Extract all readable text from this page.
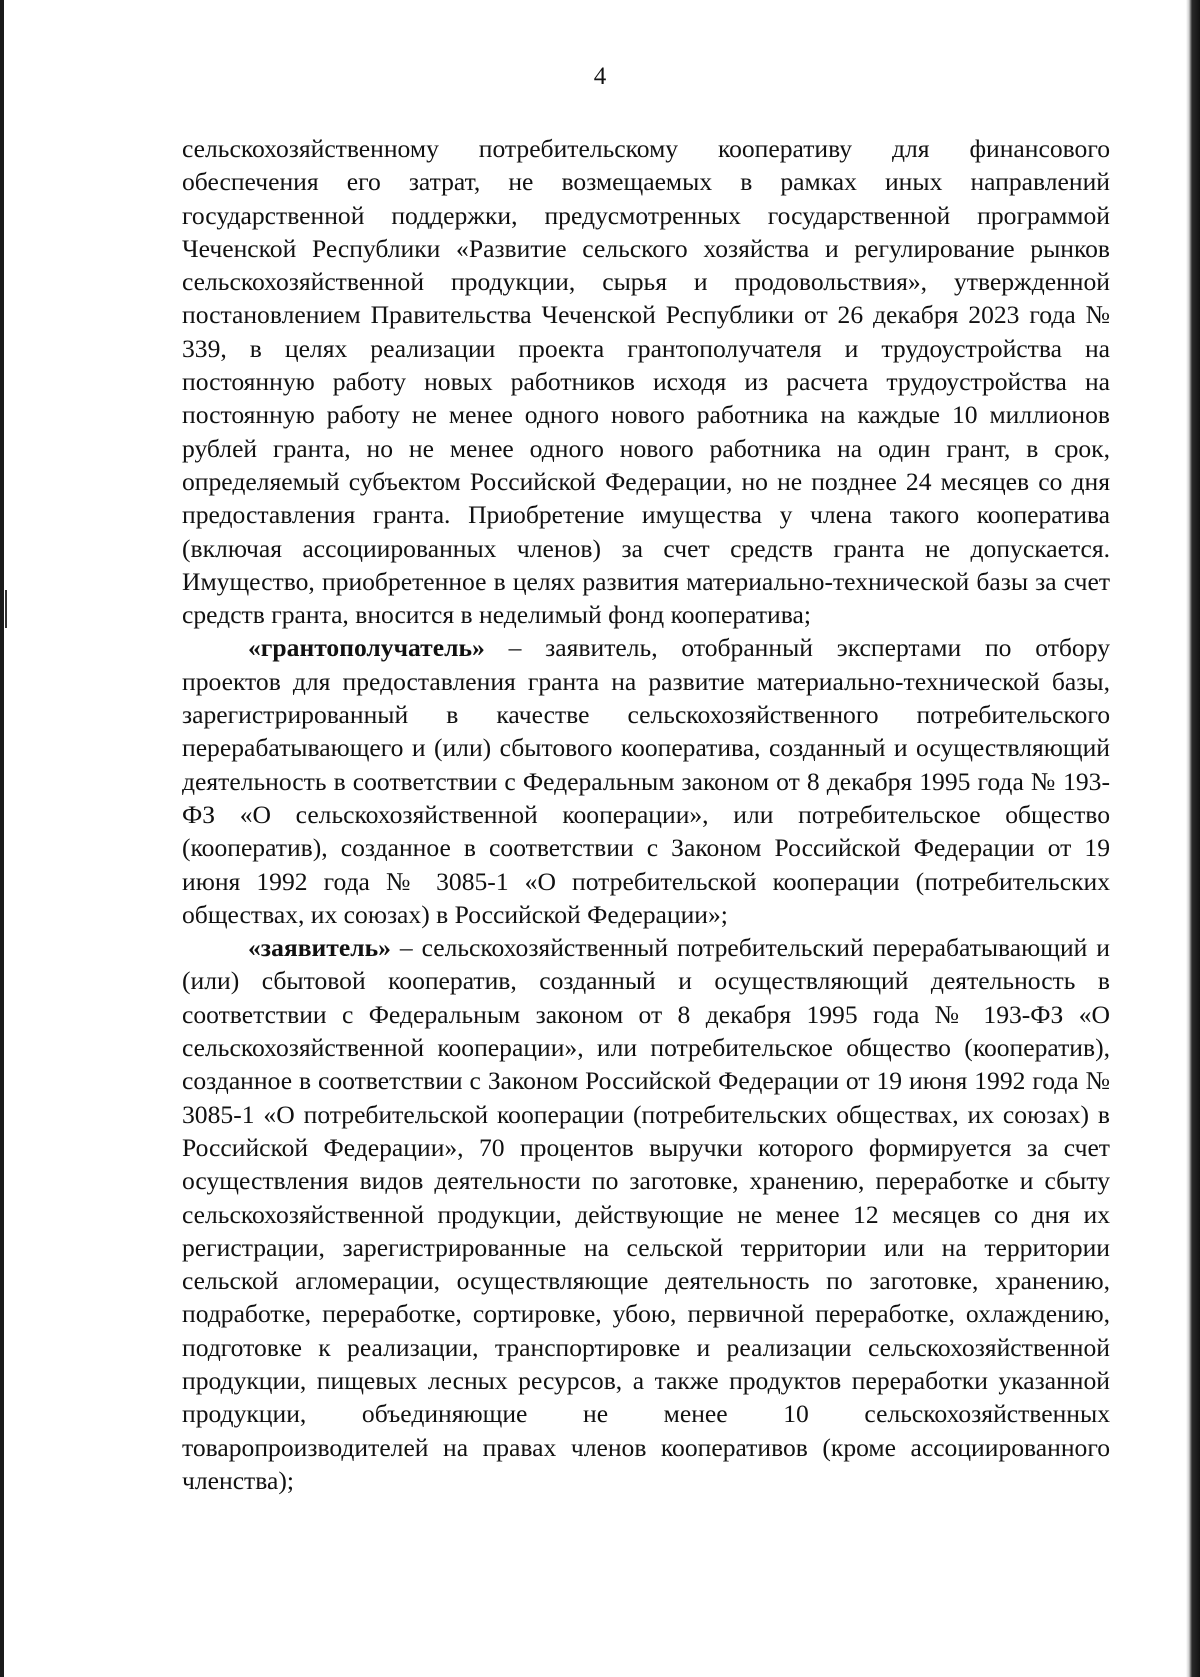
4

сельскохозяйственному потребительскому кооперативу для финансового обеспечения его затрат, не возмещаемых в рамках иных направлений государственной поддержки, предусмотренных государственной программой Чеченской Республики «Развитие сельского хозяйства и регулирование рынков сельскохозяйственной продукции, сырья и продовольствия», утвержденной постановлением Правительства Чеченской Республики от 26 декабря 2023 года № 339, в целях реализации проекта грантополучателя и трудоустройства на постоянную работу новых работников исходя из расчета трудоустройства на постоянную работу не менее одного нового работника на каждые 10 миллионов рублей гранта, но не менее одного нового работника на один грант, в срок, определяемый субъектом Российской Федерации, но не позднее 24 месяцев со дня предоставления гранта. Приобретение имущества у члена такого кооператива (включая ассоциированных членов) за счет средств гранта не допускается. Имущество, приобретенное в целях развития материально-технической базы за счет средств гранта, вносится в неделимый фонд кооператива;

«грантополучатель» – заявитель, отобранный экспертами по отбору проектов для предоставления гранта на развитие материально-технической базы, зарегистрированный в качестве сельскохозяйственного потребительского перерабатывающего и (или) сбытового кооператива, созданный и осуществляющий деятельность в соответствии с Федеральным законом от 8 декабря 1995 года № 193-ФЗ «О сельскохозяйственной кооперации», или потребительское общество (кооператив), созданное в соответствии с Законом Российской Федерации от 19 июня 1992 года № 3085-1 «О потребительской кооперации (потребительских обществах, их союзах) в Российской Федерации»;

«заявитель» – сельскохозяйственный потребительский перерабатывающий и (или) сбытовой кооператив, созданный и осуществляющий деятельность в соответствии с Федеральным законом от 8 декабря 1995 года № 193-ФЗ «О сельскохозяйственной кооперации», или потребительское общество (кооператив), созданное в соответствии с Законом Российской Федерации от 19 июня 1992 года № 3085-1 «О потребительской кооперации (потребительских обществах, их союзах) в Российской Федерации», 70 процентов выручки которого формируется за счет осуществления видов деятельности по заготовке, хранению, переработке и сбыту сельскохозяйственной продукции, действующие не менее 12 месяцев со дня их регистрации, зарегистрированные на сельской территории или на территории сельской агломерации, осуществляющие деятельность по заготовке, хранению, подработке, переработке, сортировке, убою, первичной переработке, охлаждению, подготовке к реализации, транспортировке и реализации сельскохозяйственной продукции, пищевых лесных ресурсов, а также продуктов переработки указанной продукции, объединяющие не менее 10 сельскохозяйственных товаропроизводителей на правах членов кооперативов (кроме ассоциированного членства);
